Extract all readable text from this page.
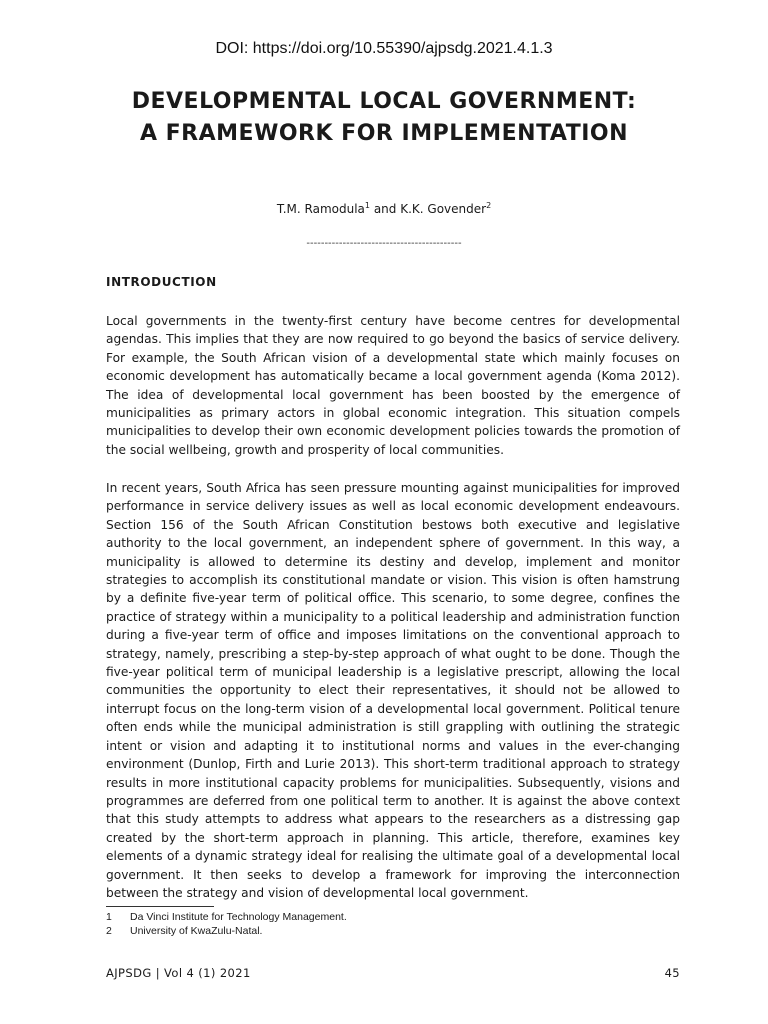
DOI: https://doi.org/10.55390/ajpsdg.2021.4.1.3
DEVELOPMENTAL LOCAL GOVERNMENT:
A FRAMEWORK FOR IMPLEMENTATION
T.M. Ramodula$^1$ and K.K. Govender$^2$
-------------------------------------------
INTRODUCTION

Local governments in the twenty-first century have become centres for developmental agendas. This implies that they are now required to go beyond the basics of service delivery. For example, the South African vision of a developmental state which mainly focuses on economic development has automatically became a local government agenda (Koma 2012). The idea of developmental local government has been boosted by the emergence of municipalities as primary actors in global economic integration. This situation compels municipalities to develop their own economic development policies towards the promotion of the social wellbeing, growth and prosperity of local communities.

In recent years, South Africa has seen pressure mounting against municipalities for improved performance in service delivery issues as well as local economic development endeavours. Section 156 of the South African Constitution bestows both executive and legislative authority to the local government, an independent sphere of government. In this way, a municipality is allowed to determine its destiny and develop, implement and monitor strategies to accomplish its constitutional mandate or vision. This vision is often hamstrung by a definite five-year term of political office. This scenario, to some degree, confines the practice of strategy within a municipality to a political leadership and administration function during a five-year term of office and imposes limitations on the conventional approach to strategy, namely, prescribing a step-by-step approach of what ought to be done. Though the five-year political term of municipal leadership is a legislative prescript, allowing the local communities the opportunity to elect their representatives, it should not be allowed to interrupt focus on the long-term vision of a developmental local government. Political tenure often ends while the municipal administration is still grappling with outlining the strategic intent or vision and adapting it to institutional norms and values in the ever-changing environment (Dunlop, Firth and Lurie 2013). This short-term traditional approach to strategy results in more institutional capacity problems for municipalities. Subsequently, visions and programmes are deferred from one political term to another. It is against the above context that this study attempts to address what appears to the researchers as a distressing gap created by the short-term approach in planning. This article, therefore, examines key elements of a dynamic strategy ideal for realising the ultimate goal of a developmental local government. It then seeks to develop a framework for improving the interconnection between the strategy and vision of developmental local government.

1	Da Vinci Institute for Technology Management.
2	University of KwaZulu-Natal.
AJPSDG | Vol 4 (1) 2021	45
